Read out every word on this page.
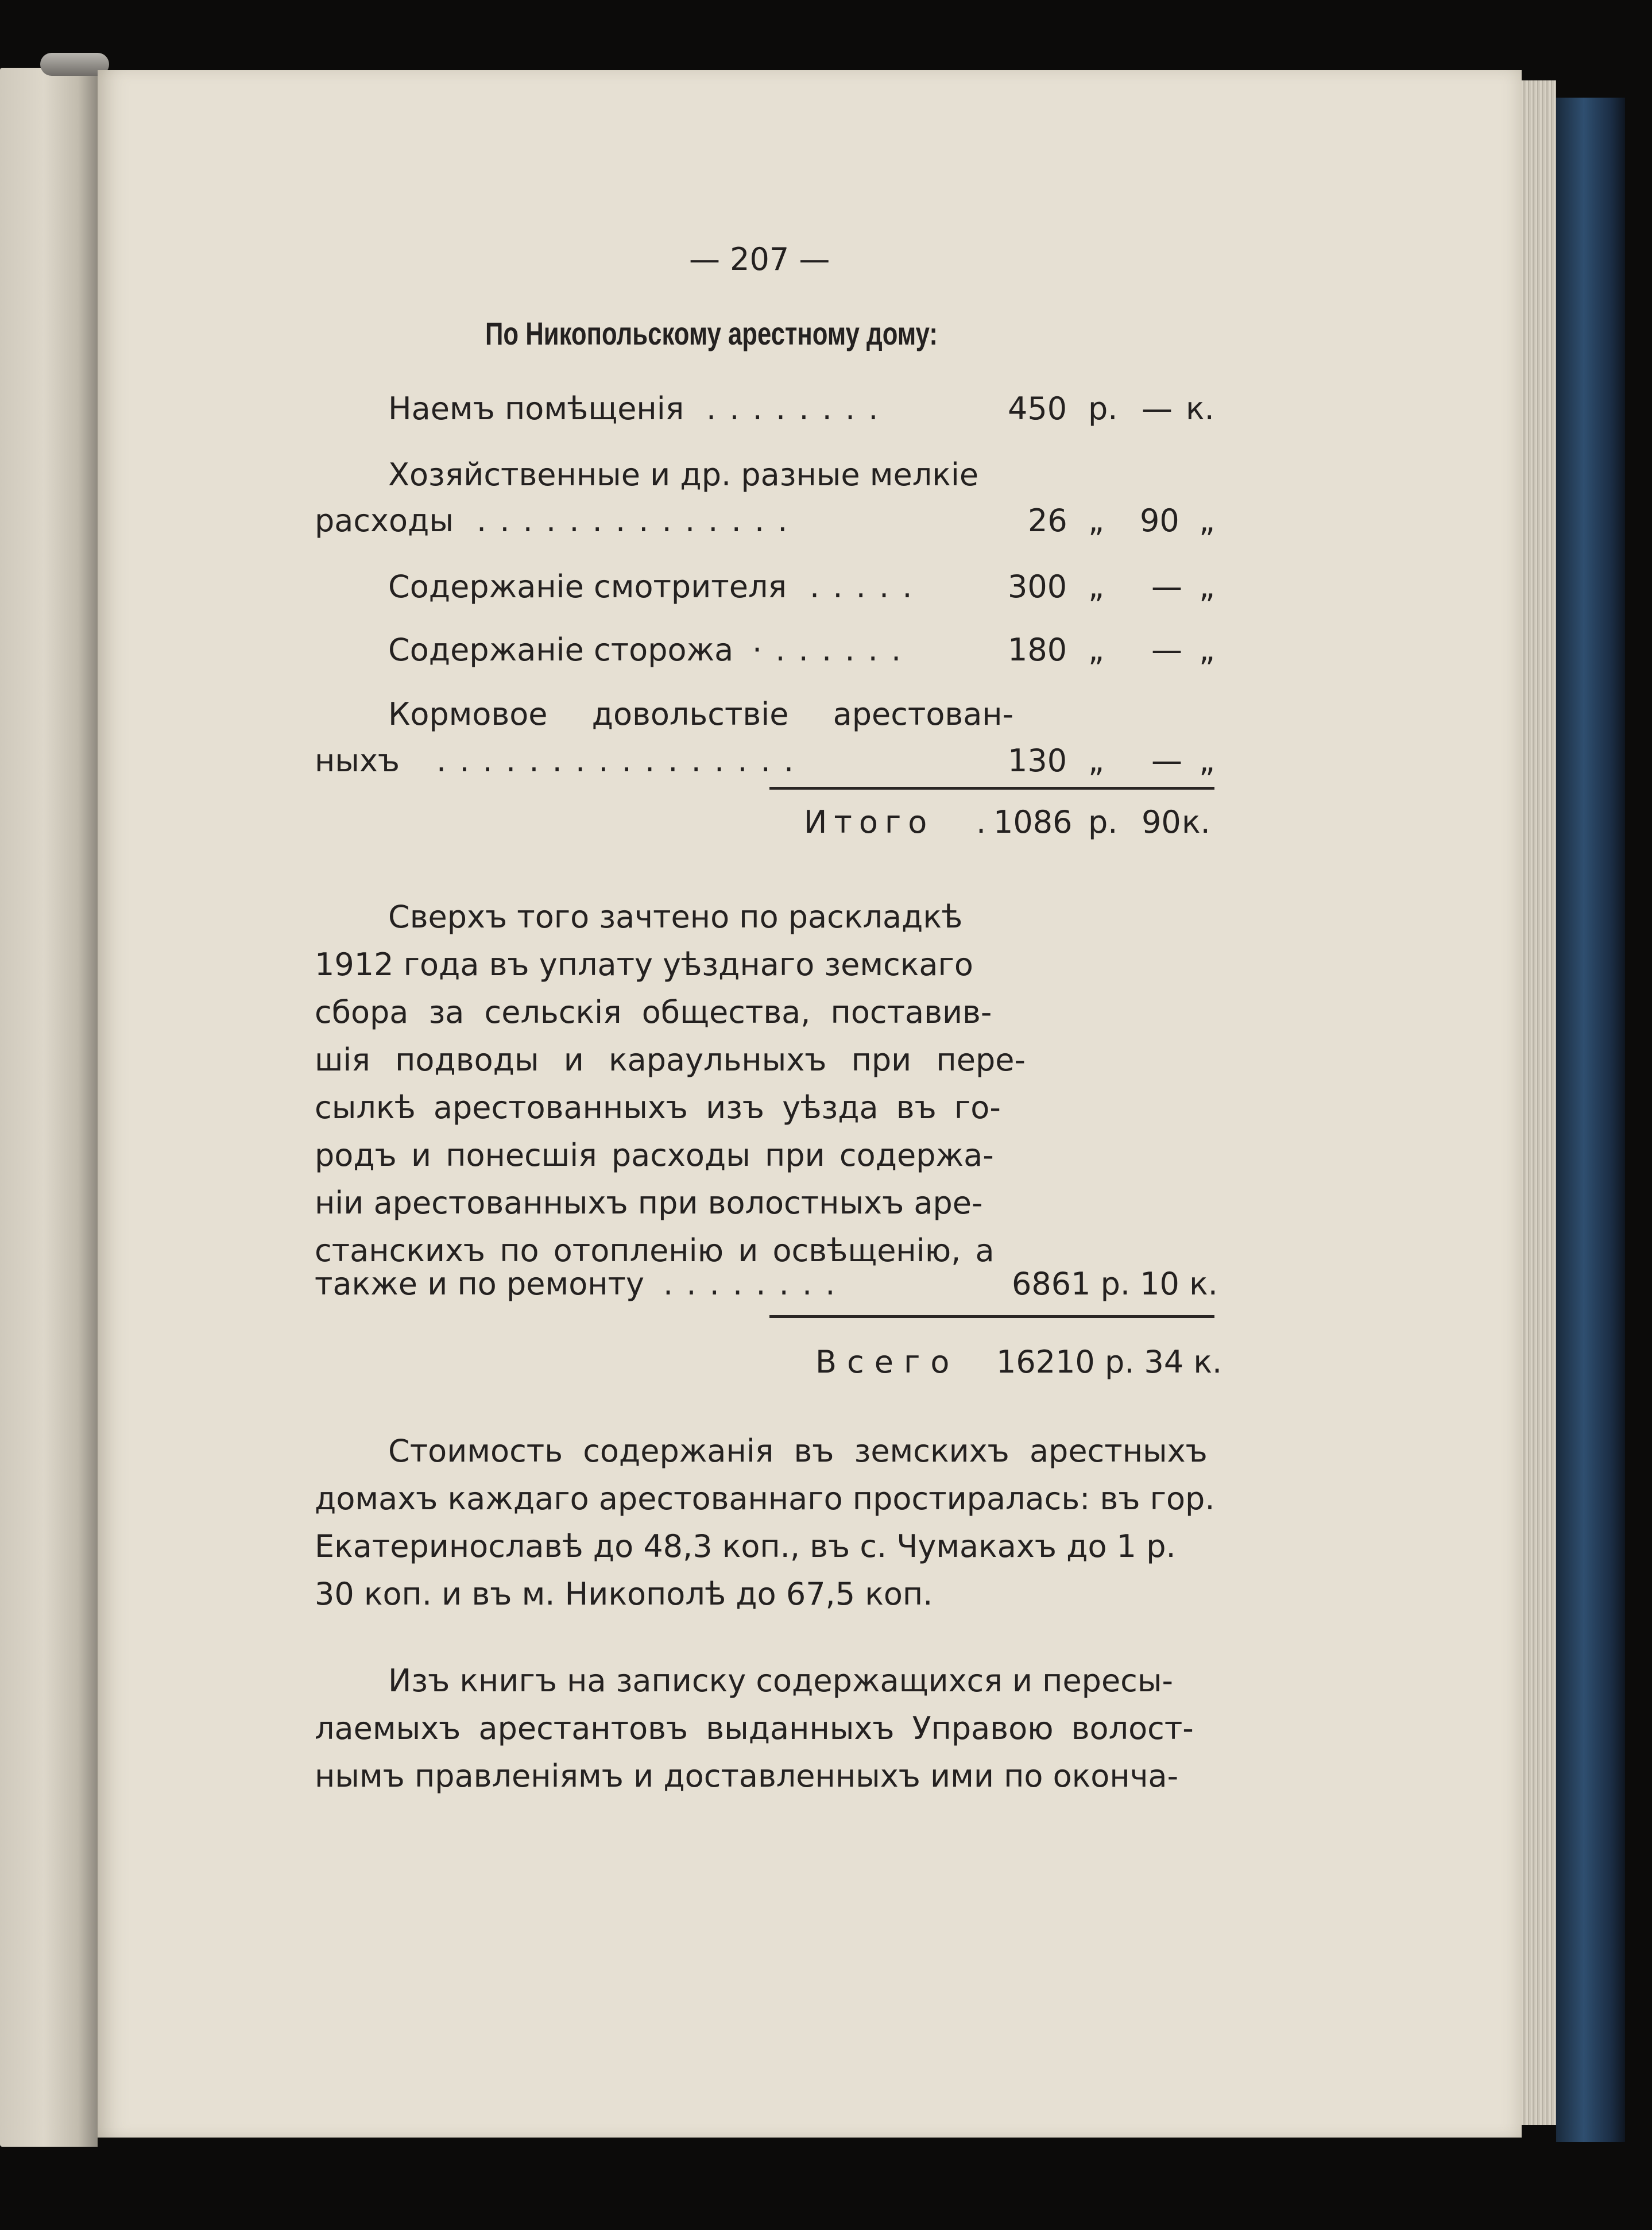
— 207 —
По Никопольскому арестному дому:
Наемъ помѣщенія . . . . . . . .	450 р. — к.
Хозяйственные и др. разные мелкіе
расходы . . . . . . . . . . . . . .	26 „ 90 „
Содержаніе смотрителя . . . . .	300 „ — „
Содержаніе сторожа · . . . . . .	180 „ — „
Кормовое довольствіе арестован-
ныхъ . . . . . . . . . . . . . . . .	130 „ — „
Итого . 1086 р. 90 к.
Сверхъ того зачтено по раскладкѣ
1912 года въ уплату уѣзднаго земскаго
сбора за сельскія общества, поставив-
шія подводы и караульныхъ при пере-
сылкѣ арестованныхъ изъ уѣзда въ го-
родъ и понесшія расходы при содержа-
ніи арестованныхъ при волостныхъ аре-
станскихъ по отопленію и освѣщенію, а
также и по ремонту . . . . . . . .	6861 р. 10 к.
Всего 16210 р. 34 к.
Стоимость содержанія въ земскихъ арестныхъ
домахъ каждаго арестованнаго простиралась: въ гор.
Екатеринославѣ до 48,3 коп., въ с. Чумакахъ до 1 р.
30 коп. и въ м. Никополѣ до 67,5 коп.
Изъ книгъ на записку содержащихся и пересы-
лаемыхъ арестантовъ выданныхъ Управою волост-
нымъ правленіямъ и доставленныхъ ими по оконча-
